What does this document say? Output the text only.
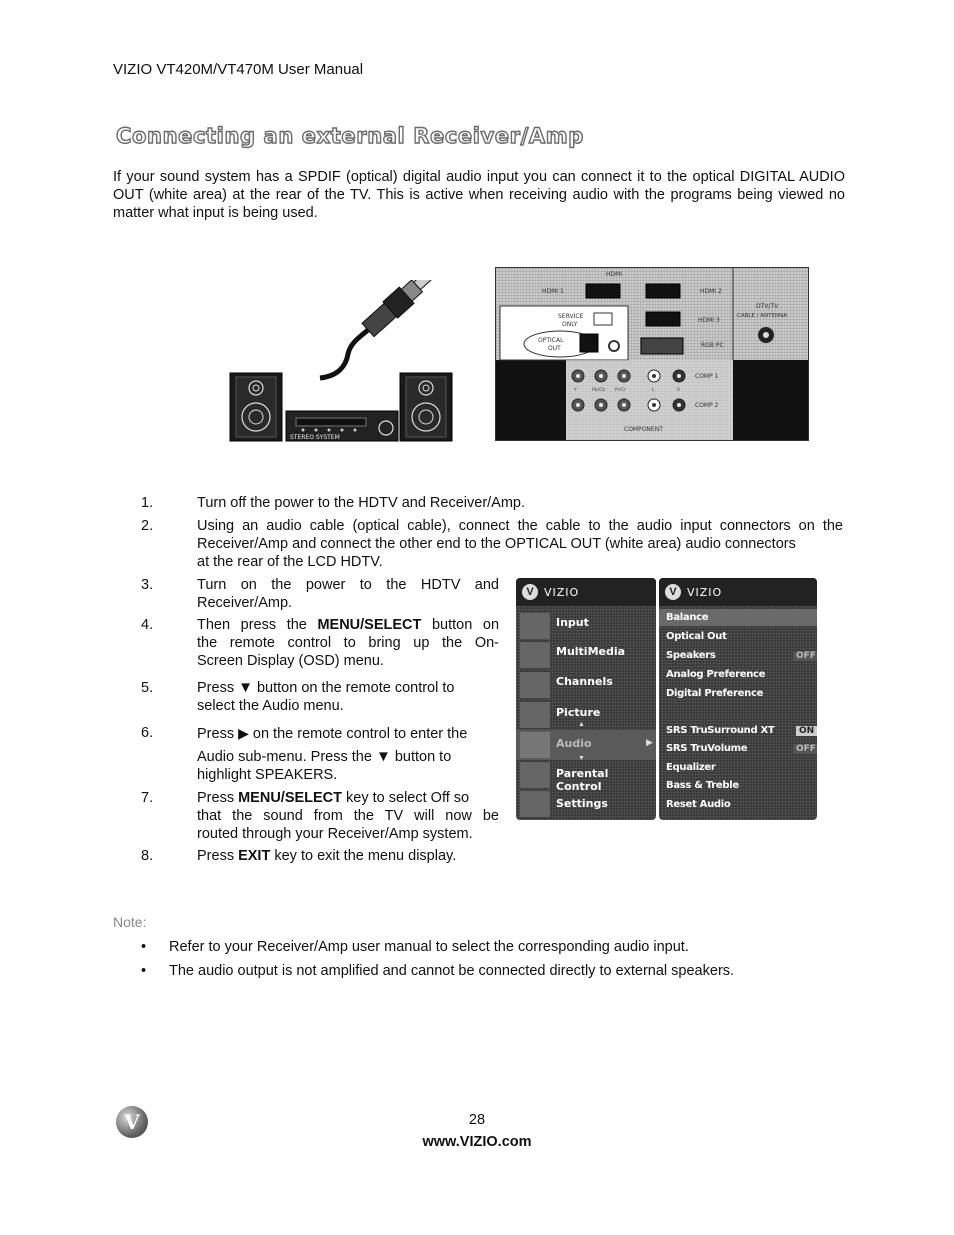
VIZIO VT420M/VT470M User Manual
Connecting an external Receiver/Amp
If your sound system has a SPDIF (optical) digital audio input you can connect it to the optical DIGITAL AUDIO OUT (white area) at the rear of the TV. This is active when receiving audio with the programs being viewed no matter what input is being used.
STEREO SYSTEM
HDMI
HDMI 1	HDMI 2
HDMI 3
SERVICE
ONLY
OPTICAL
OUT	RGB PC
DTV/TV
CABLE / ANTENNA
Y	Pb/Cb Pr/Cr	L	R
COMP 1
COMP 2
COMPONENT
1.	Turn off the power to the HDTV and Receiver/Amp.
2.	Using an audio cable (optical cable), connect the cable to the audio input connectors on the
Receiver/Amp and connect the other end to the OPTICAL OUT (white area) audio connectors
at the rear of the LCD HDTV.
3.	Turn  on  the  power  to  the  HDTV  and
Receiver/Amp.
4.	Then press the MENU/SELECT button on
the remote control to bring up the On-
Screen Display (OSD) menu.
5.	Press ▼ button on the remote control to
select the Audio menu.
6.	Press ▶ on the remote control to enter the
Audio sub-menu. Press the ▼ button to
highlight SPEAKERS.
7.	Press MENU/SELECT key to select Off so
that the sound from the TV will now be
routed through your Receiver/Amp system.
8.	Press EXIT key to exit the menu display.
V VIZIO
Input
MultiMedia
Channels
Picture
▲
Audio	▶
▼
Parental Control
Settings
V VIZIO
Balance
Optical Out
Speakers	OFF
Analog Preference
Digital Preference
SRS TruSurround XT	ON
SRS TruVolume	OFF
Equalizer
Bass & Treble
Reset Audio
Note:
• Refer to your Receiver/Amp user manual to select the corresponding audio input.
• The audio output is not amplified and cannot be connected directly to external speakers.
V	28
www.VIZIO.com
